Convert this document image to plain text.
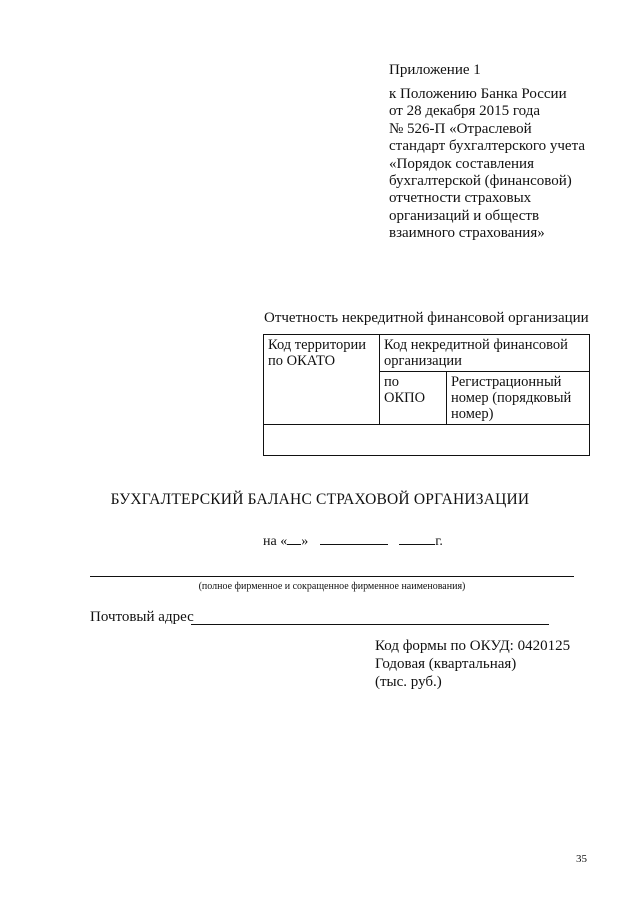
Приложение 1
к Положению Банка России
от 28 декабря 2015 года
№ 526-П «Отраслевой
стандарт бухгалтерского учета
«Порядок составления
бухгалтерской (финансовой)
отчетности страховых
организаций и обществ
взаимного страхования»
Отчетность некредитной финансовой организации
Код территории по ОКАТО	Код некредитной финансовой организации	
	по ОКПО	Регистрационный номер (порядковый номер)

БУХГАЛТЕРСКИЙ БАЛАНС СТРАХОВОЙ ОРГАНИЗАЦИИ
на « »	г.
(полное фирменное и сокращенное фирменное наименования)
Почтовый адрес
Код формы по ОКУД: 0420125
Годовая (квартальная)
(тыс. руб.)
35
